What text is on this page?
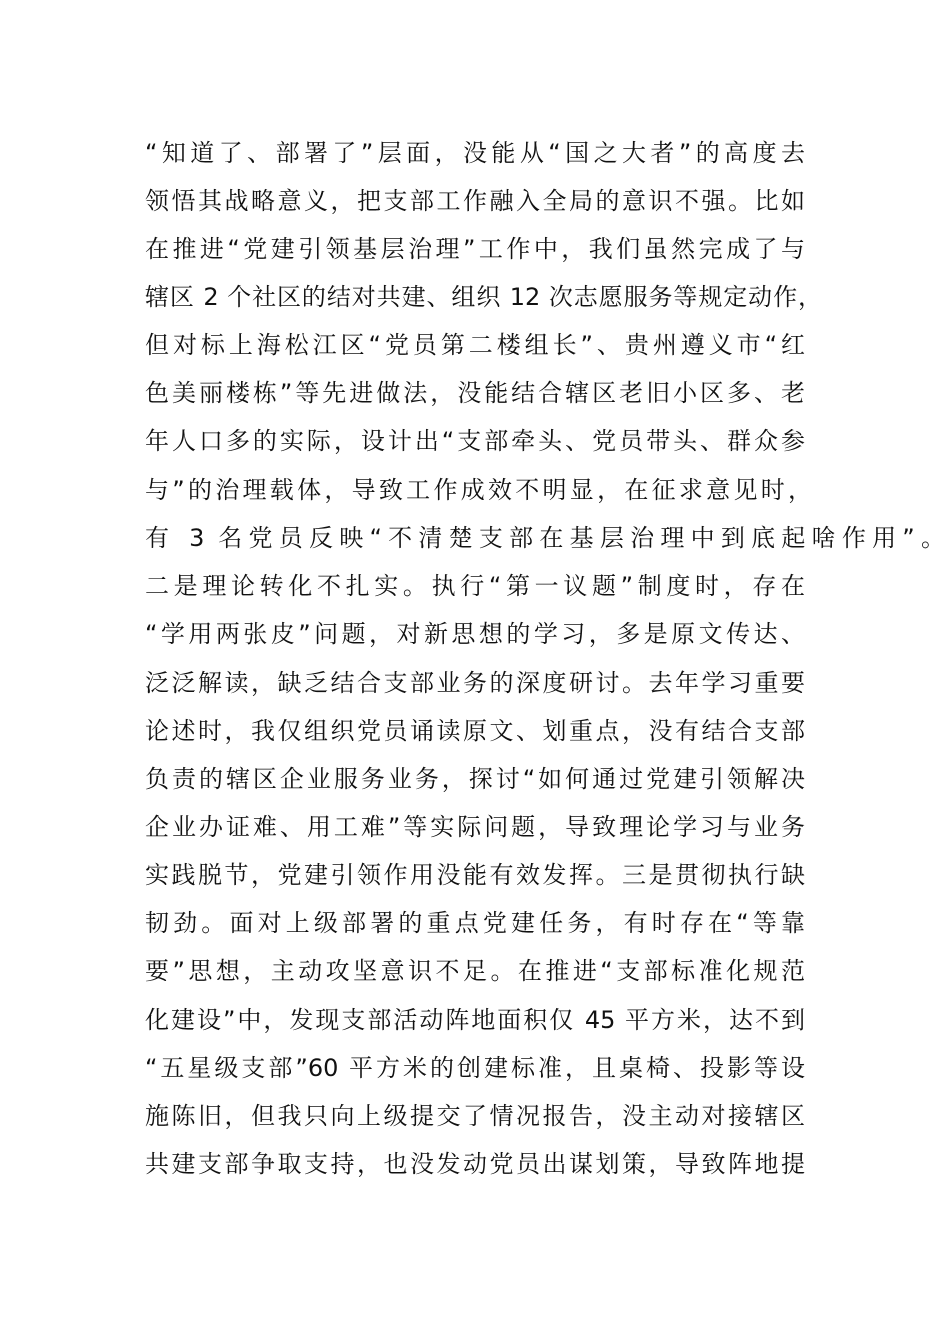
“知道了、部署了”层面，没能从“国之大者”的高度去
领悟其战略意义，把支部工作融入全局的意识不强。比如
在推进“党建引领基层治理”工作中，我们虽然完成了与
辖区 2 个社区的结对共建、组织 12 次志愿服务等规定动作，
但对标上海松江区“党员第二楼组长”、贵州遵义市“红
色美丽楼栋”等先进做法，没能结合辖区老旧小区多、老
年人口多的实际，设计出“支部牵头、党员带头、群众参
与”的治理载体，导致工作成效不明显，在征求意见时，
有 3 名党员反映“不清楚支部在基层治理中到底起啥作用”。
二是理论转化不扎实。执行“第一议题”制度时，存在
“学用两张皮”问题，对新思想的学习，多是原文传达、
泛泛解读，缺乏结合支部业务的深度研讨。去年学习重要
论述时，我仅组织党员诵读原文、划重点，没有结合支部
负责的辖区企业服务业务，探讨“如何通过党建引领解决
企业办证难、用工难”等实际问题，导致理论学习与业务
实践脱节，党建引领作用没能有效发挥。三是贯彻执行缺
韧劲。面对上级部署的重点党建任务，有时存在“等靠
要”思想，主动攻坚意识不足。在推进“支部标准化规范
化建设”中，发现支部活动阵地面积仅 45 平方米，达不到
“五星级支部”60 平方米的创建标准，且桌椅、投影等设
施陈旧，但我只向上级提交了情况报告，没主动对接辖区
共建支部争取支持，也没发动党员出谋划策，导致阵地提
